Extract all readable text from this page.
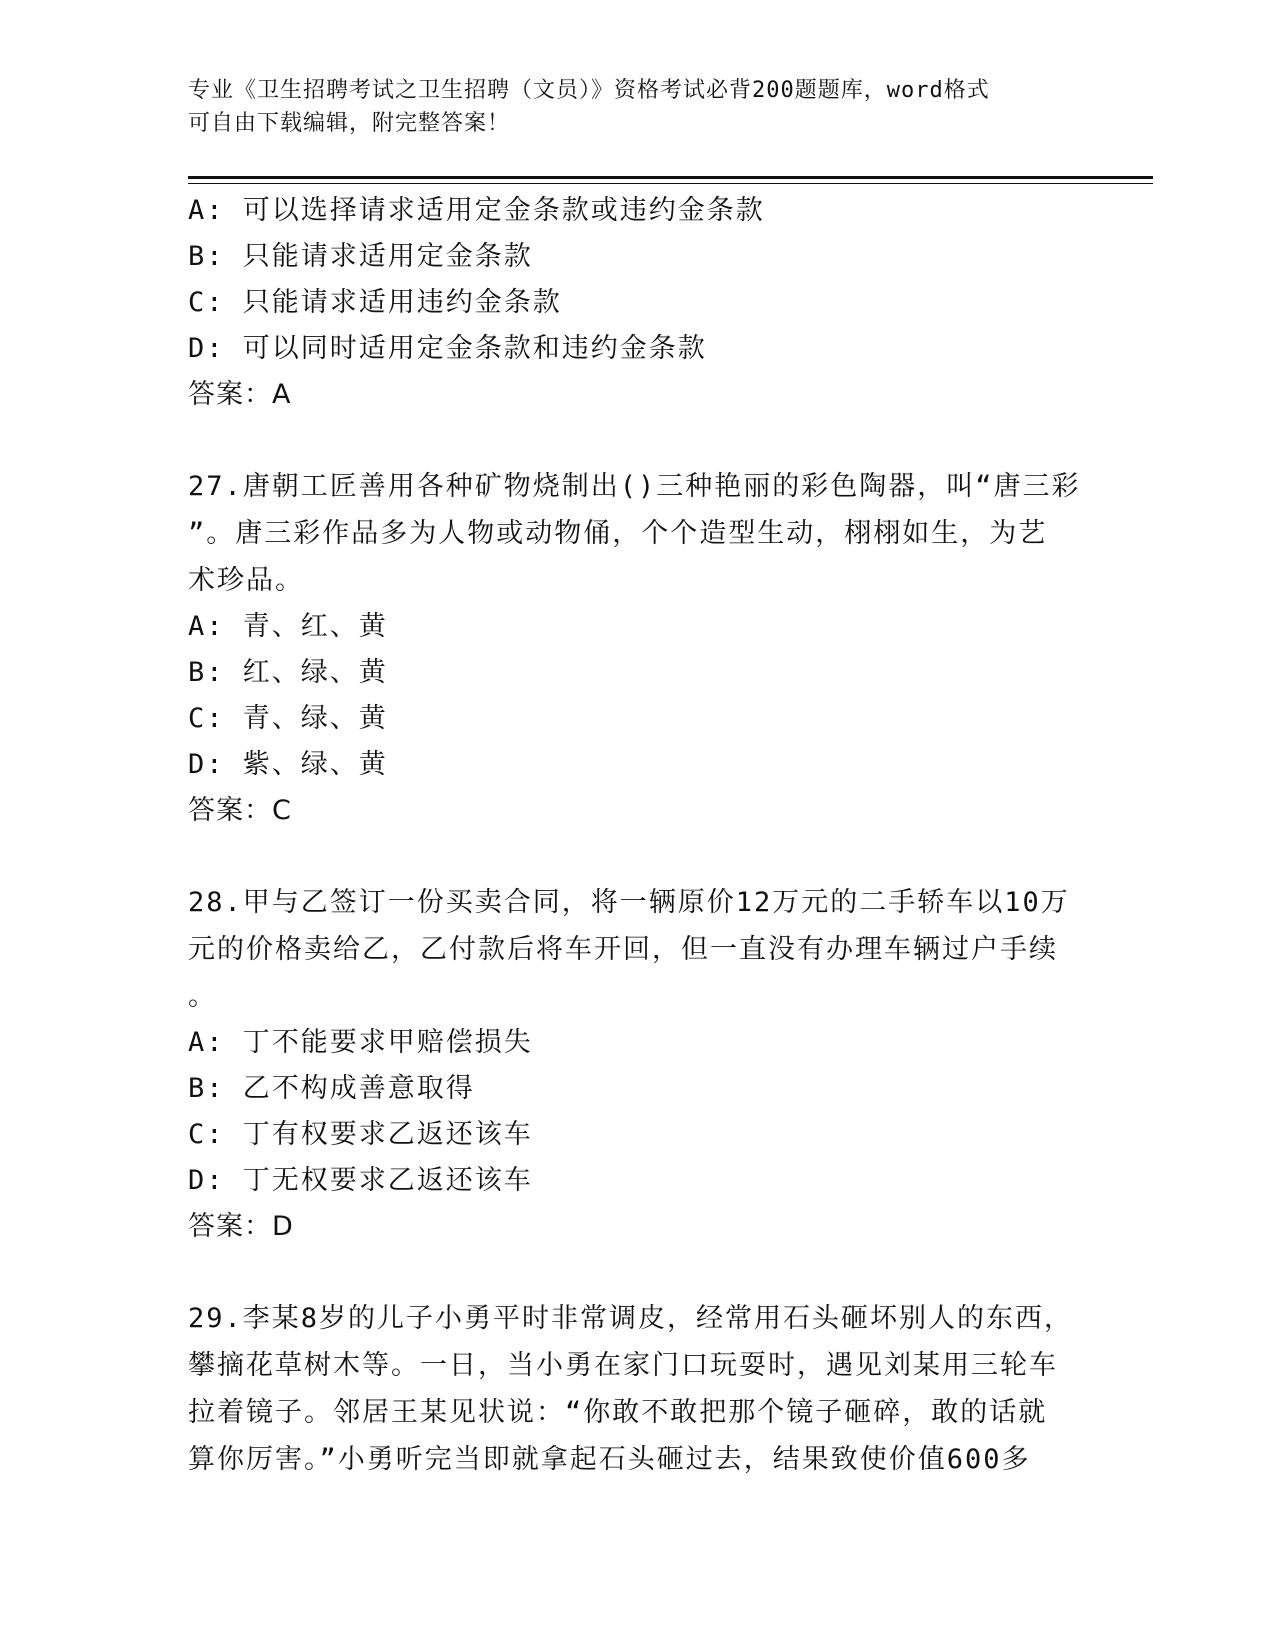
专业《卫生招聘考试之卫生招聘（文员）》资格考试必背200题题库，word格式
可自由下载编辑，附完整答案！
A: 可以选择请求适用定金条款或违约金条款
B: 只能请求适用定金条款
C: 只能请求适用违约金条款
D: 可以同时适用定金条款和违约金条款
答案：A
27.唐朝工匠善用各种矿物烧制出()三种艳丽的彩色陶器，叫“唐三彩
”。唐三彩作品多为人物或动物俑，个个造型生动，栩栩如生，为艺
术珍品。
A: 青、红、黄
B: 红、绿、黄
C: 青、绿、黄
D: 紫、绿、黄
答案：C
28.甲与乙签订一份买卖合同，将一辆原价12万元的二手轿车以10万
元的价格卖给乙，乙付款后将车开回，但一直没有办理车辆过户手续
。
A: 丁不能要求甲赔偿损失
B: 乙不构成善意取得
C: 丁有权要求乙返还该车
D: 丁无权要求乙返还该车
答案：D
29.李某8岁的儿子小勇平时非常调皮，经常用石头砸坏别人的东西，
攀摘花草树木等。一日，当小勇在家门口玩耍时，遇见刘某用三轮车
拉着镜子。邻居王某见状说：“你敢不敢把那个镜子砸碎，敢的话就
算你厉害。”小勇听完当即就拿起石头砸过去，结果致使价值600多
